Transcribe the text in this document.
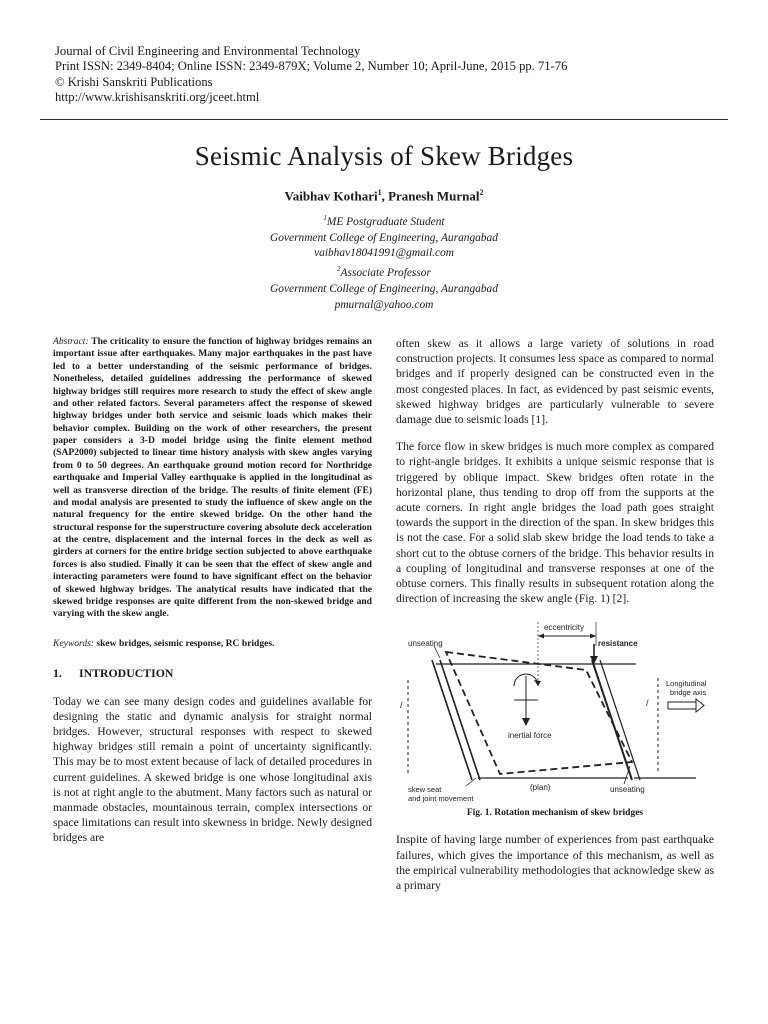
Journal of Civil Engineering and Environmental Technology
Print ISSN: 2349-8404; Online ISSN: 2349-879X; Volume 2, Number 10; April-June, 2015 pp. 71-76
© Krishi Sanskriti Publications
http://www.krishisanskriti.org/jceet.html
Seismic Analysis of Skew Bridges
Vaibhav Kothari$^1$, Pranesh Murnal$^2$
$^1$ME Postgraduate Student
Government College of Engineering, Aurangabad
vaibhav18041991@gmail.com
$^2$Associate Professor
Government College of Engineering, Aurangabad
pmurnal@yahoo.com

Abstract: The criticality to ensure the function of highway bridges remains an important issue after earthquakes. Many major earthquakes in the past have led to a better understanding of the seismic performance of bridges. Nonetheless, detailed guidelines addressing the performance of skewed highway bridges still requires more research to study the effect of skew angle and other related factors. Several parameters affect the response of skewed highway bridges under both service and seismic loads which makes their behavior complex. Building on the work of other researchers, the present paper considers a 3-D model bridge using the finite element method (SAP2000) subjected to linear time history analysis with skew angles varying from 0 to 50 degrees. An earthquake ground motion record for Northridge earthquake and Imperial Valley earthquake is applied in the longitudinal as well as transverse direction of the bridge. The results of finite element (FE) and modal analysis are presented to study the influence of skew angle on the natural frequency for the entire skewed bridge. On the other hand the structural response for the superstructure covering absolute deck acceleration at the centre, displacement and the internal forces in the deck as well as girders at corners for the entire bridge section subjected to above earthquake forces is also studied. Finally it can be seen that the effect of skew angle and interacting parameters were found to have significant effect on the behavior of skewed highway bridges. The analytical results have indicated that the skewed bridge responses are quite different from the non-skewed bridge and varying with the skew angle.

Keywords: skew bridges, seismic response, RC bridges.

1. INTRODUCTION

Today we can see many design codes and guidelines available for designing the static and dynamic analysis for straight normal bridges. However, structural responses with respect to skewed highway bridges still remain a point of uncertainty significantly. This may be to most extent because of lack of detailed procedures in current guidelines. A skewed bridge is one whose longitudinal axis is not at right angle to the abutment. Many factors such as natural or manmade obstacles, mountainous terrain, complex intersections or space limitations can result into skewness in bridge. Newly designed bridges are

often skew as it allows a large variety of solutions in road construction projects. It consumes less space as compared to normal bridges and if properly designed can be constructed even in the most congested places. In fact, as evidenced by past seismic events, skewed highway bridges are particularly vulnerable to severe damage due to seismic loads [1].

The force flow in skew bridges is much more complex as compared to right-angle bridges. It exhibits a unique seismic response that is triggered by oblique impact. Skew bridges often rotate in the horizontal plane, thus tending to drop off from the supports at the acute corners. In right angle bridges the load path goes straight towards the support in the direction of the span. In skew bridges this is not the case. For a solid slab skew bridge the load tends to take a short cut to the obtuse corners of the bridge. This behavior results in a coupling of longitudinal and transverse responses at one of the obtuse corners. This finally results in subsequent rotation along the direction of increasing the skew angle (Fig. 1) [2].

/	/
eccentricity
resistance
unseating
inertial force
Longitudinal
bridge axis
skew seat
and joint movement
(plan)	unseating

Fig. 1. Rotation mechanism of skew bridges

Inspite of having large number of experiences from past earthquake failures, which gives the importance of this mechanism, as well as the empirical vulnerability methodologies that acknowledge skew as a primary
